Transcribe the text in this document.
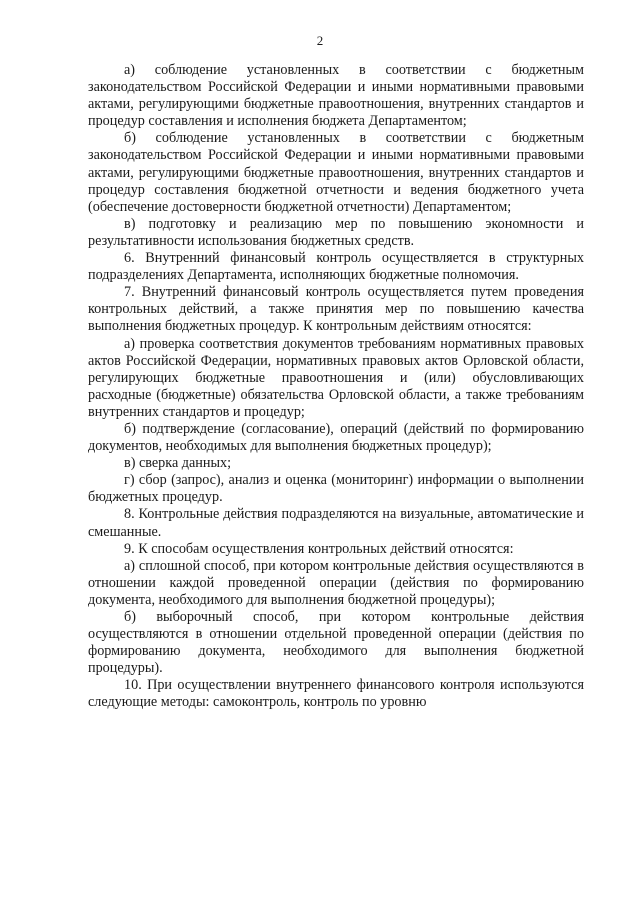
2

а) соблюдение установленных в соответствии с бюджетным законодательством Российской Федерации и иными нормативными правовыми актами, регулирующими бюджетные правоотношения, внутренних стандартов и процедур составления и исполнения бюджета Департаментом;

б) соблюдение установленных в соответствии с бюджетным законодательством Российской Федерации и иными нормативными правовыми актами, регулирующими бюджетные правоотношения, внутренних стандартов и процедур составления бюджетной отчетности и ведения бюджетного учета (обеспечение достоверности бюджетной отчетности) Департаментом;

в) подготовку и реализацию мер по повышению экономности и результативности использования бюджетных средств.

6. Внутренний финансовый контроль осуществляется в структурных подразделениях Департамента, исполняющих бюджетные полномочия.

7. Внутренний финансовый контроль осуществляется путем проведения контрольных действий, а также принятия мер по повышению качества выполнения бюджетных процедур. К контрольным действиям относятся:

а) проверка соответствия документов требованиям нормативных правовых актов Российской Федерации, нормативных правовых актов Орловской области, регулирующих бюджетные правоотношения и (или) обусловливающих расходные (бюджетные) обязательства Орловской области, а также требованиям внутренних стандартов и процедур;

б) подтверждение (согласование), операций (действий по формированию документов, необходимых для выполнения бюджетных процедур);

в) сверка данных;

г) сбор (запрос), анализ и оценка (мониторинг) информации о выполнении бюджетных процедур.

8. Контрольные действия подразделяются на визуальные, автоматические и смешанные.

9. К способам осуществления контрольных действий относятся:

а) сплошной способ, при котором контрольные действия осуществляются в отношении каждой проведенной операции (действия по формированию документа, необходимого для выполнения бюджетной процедуры);

б) выборочный способ, при котором контрольные действия осуществляются в отношении отдельной проведенной операции (действия по формированию документа, необходимого для выполнения бюджетной процедуры).

10. При осуществлении внутреннего финансового контроля используются следующие методы: самоконтроль, контроль по уровню
